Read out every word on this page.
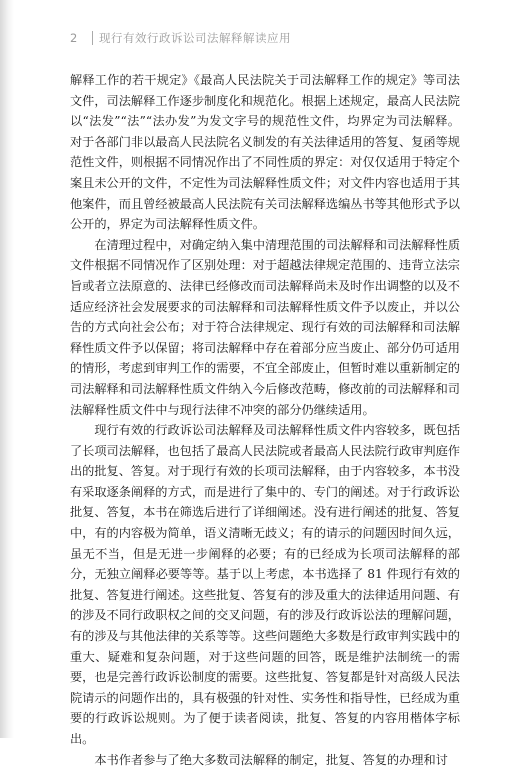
2	现行有效行政诉讼司法解释解读应用

解释工作的若干规定》《最高人民法院关于司法解释工作的规定》等司法文件，司法解释工作逐步制度化和规范化。根据上述规定，最高人民法院以“法发”“法”“法办发”为发文字号的规范性文件，均界定为司法解释。对于各部门非以最高人民法院名义制发的有关法律适用的答复、复函等规范性文件，则根据不同情况作出了不同性质的界定：对仅仅适用于特定个案且未公开的文件，不定性为司法解释性质文件；对文件内容也适用于其他案件，而且曾经被最高人民法院有关司法解释选编丛书等其他形式予以公开的，界定为司法解释性质文件。

在清理过程中，对确定纳入集中清理范围的司法解释和司法解释性质文件根据不同情况作了区别处理：对于超越法律规定范围的、违背立法宗旨或者立法原意的、法律已经修改而司法解释尚未及时作出调整的以及不适应经济社会发展要求的司法解释和司法解释性质文件予以废止，并以公告的方式向社会公布；对于符合法律规定、现行有效的司法解释和司法解释性质文件予以保留；将司法解释中存在着部分应当废止、部分仍可适用的情形，考虑到审判工作的需要，不宜全部废止，但暂时难以重新制定的司法解释和司法解释性质文件纳入今后修改范畴，修改前的司法解释和司法解释性质文件中与现行法律不冲突的部分仍继续适用。

现行有效的行政诉讼司法解释及司法解释性质文件内容较多，既包括了长项司法解释，也包括了最高人民法院或者最高人民法院行政审判庭作出的批复、答复。对于现行有效的长项司法解释，由于内容较多，本书没有采取逐条阐释的方式，而是进行了集中的、专门的阐述。对于行政诉讼批复、答复，本书在筛选后进行了详细阐述。没有进行阐述的批复、答复中，有的内容极为简单，语义清晰无歧义；有的请示的问题因时间久远，虽无不当，但是无进一步阐释的必要；有的已经成为长项司法解释的部分，无独立阐释必要等等。基于以上考虑，本书选择了 81 件现行有效的批复、答复进行阐述。这些批复、答复有的涉及重大的法律适用问题、有的涉及不同行政职权之间的交叉问题，有的涉及行政诉讼法的理解问题，有的涉及与其他法律的关系等等。这些问题绝大多数是行政审判实践中的重大、疑难和复杂问题，对于这些问题的回答，既是维护法制统一的需要，也是完善行政诉讼制度的需要。这些批复、答复都是针对高级人民法院请示的问题作出的，具有极强的针对性、实务性和指导性，已经成为重要的行政诉讼规则。为了便于读者阅读，批复、答复的内容用楷体字标出。

本书作者参与了绝大多数司法解释的制定，批复、答复的办理和讨
